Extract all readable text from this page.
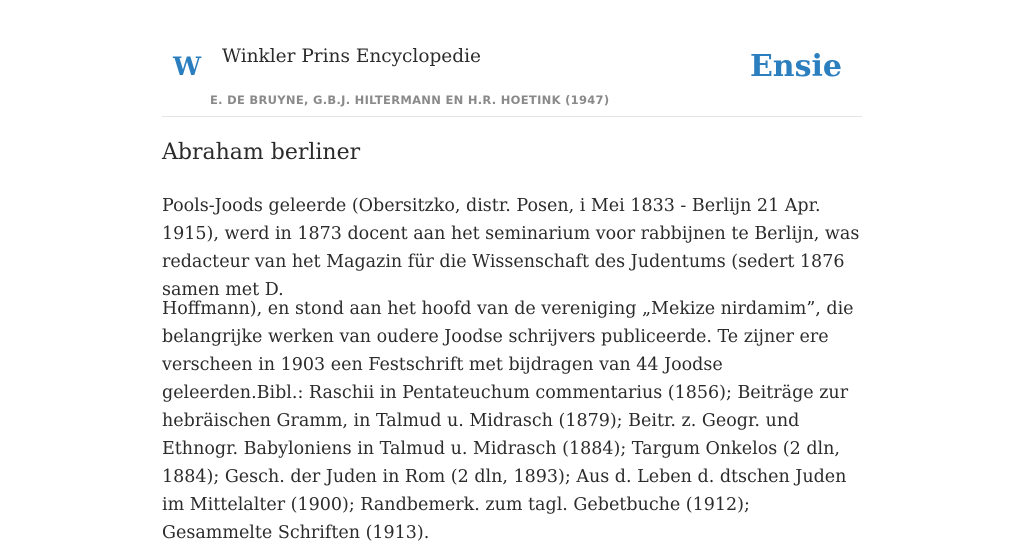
W Winkler Prins Encyclopedie
E. DE BRUYNE, G.B.J. HILTERMANN EN H.R. HOETINK (1947)
Ensie
Abraham berliner

Pools-Joods geleerde (Obersitzko, distr. Posen, i Mei 1833 - Berlijn 21 Apr. 1915), werd in 1873 docent aan het seminarium voor rabbijnen te Berlijn, was redacteur van het Magazin für die Wissenschaft des Judentums (sedert 1876 samen met D.

Hoffmann), en stond aan het hoofd van de vereniging „Mekize nirdamim”, die belangrijke werken van oudere Joodse schrijvers publiceerde. Te zijner ere verscheen in 1903 een Festschrift met bijdragen van 44 Joodse geleerden.Bibl.: Raschii in Pentateuchum commentarius (1856); Beiträge zur hebräischen Gramm, in Talmud u. Midrasch (1879); Beitr. z. Geogr. und Ethnogr. Babyloniens in Talmud u. Midrasch (1884); Targum Onkelos (2 dln, 1884); Gesch. der Juden in Rom (2 dln, 1893); Aus d. Leben d. dtschen Juden im Mittelalter (1900); Randbemerk. zum tagl. Gebetbuche (1912); Gesammelte Schriften (1913).
